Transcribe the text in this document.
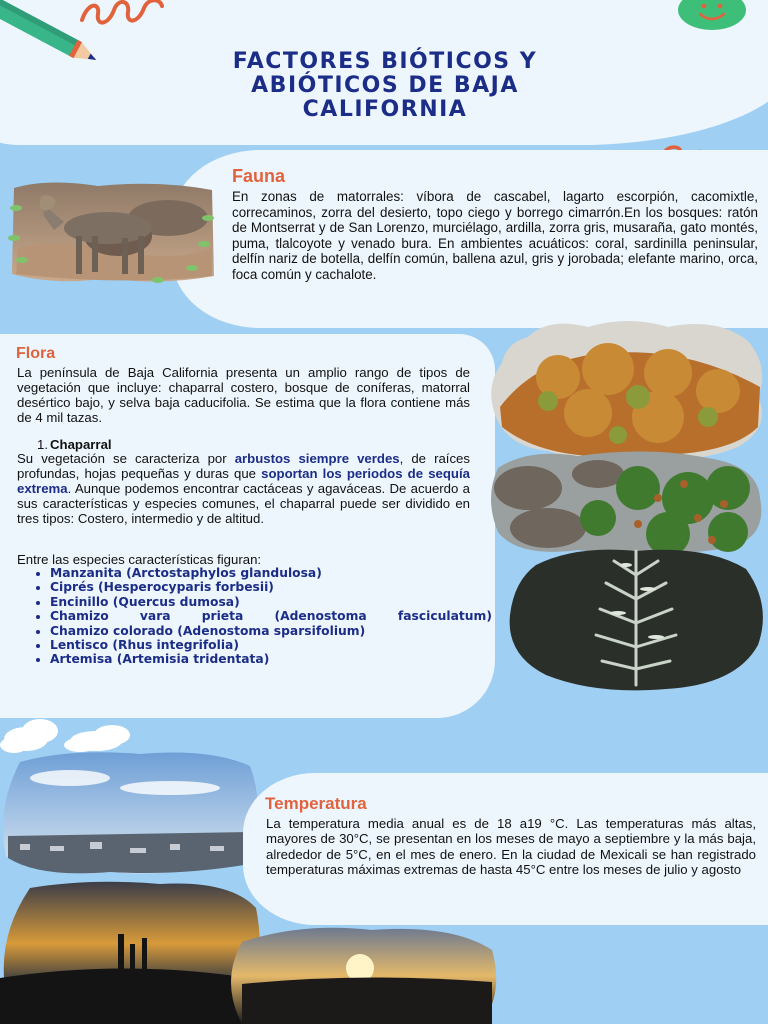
FACTORES BIÓTICOS Y ABIÓTICOS DE BAJA CALIFORNIA
Fauna

En zonas de matorrales: víbora de cascabel, lagarto escorpión, cacomixtle, correcaminos, zorra del desierto, topo ciego y borrego cimarrón.En los bosques: ratón de Montserrat y de San Lorenzo, murciélago, ardilla, zorra gris, musaraña, gato montés, puma, tlalcoyote y venado bura. En ambientes acuáticos: coral, sardinilla peninsular, delfín nariz de botella, delfín común, ballena azul, gris y jorobada; elefante marino, orca, foca común y cachalote.

Flora

La península de Baja California presenta un amplio rango de tipos de vegetación que incluye: chaparral costero, bosque de coníferas, matorral desértico bajo, y selva baja caducifolia. Se estima que la flora contiene más de 4 mil tazas.

1. Chaparral

Su vegetación se caracteriza por arbustos siempre verdes, de raíces profundas, hojas pequeñas y duras que soportan los periodos de sequía extrema. Aunque podemos encontrar cactáceas y agaváceas. De acuerdo a sus características y especies comunes, el chaparral puede ser dividido en tres tipos: Costero, intermedio y de altitud.

Entre las especies características figuran:
• Manzanita (Arctostaphylos glandulosa)
• Ciprés (Hesperocyparis forbesii)
• Encinillo (Quercus dumosa)
• Chamizo vara prieta (Adenostoma fasciculatum)
• Chamizo colorado (Adenostoma sparsifolium)
• Lentisco (Rhus integrifolia)
• Artemisa (Artemisia tridentata)
Temperatura

La temperatura media anual es de 18 a19 °C. Las temperaturas más altas, mayores de 30°C, se presentan en los meses de mayo a septiembre y la más baja, alrededor de 5°C, en el mes de enero. En la ciudad de Mexicali se han registrado temperaturas máximas extremas de hasta 45°C entre los meses de julio y agosto
